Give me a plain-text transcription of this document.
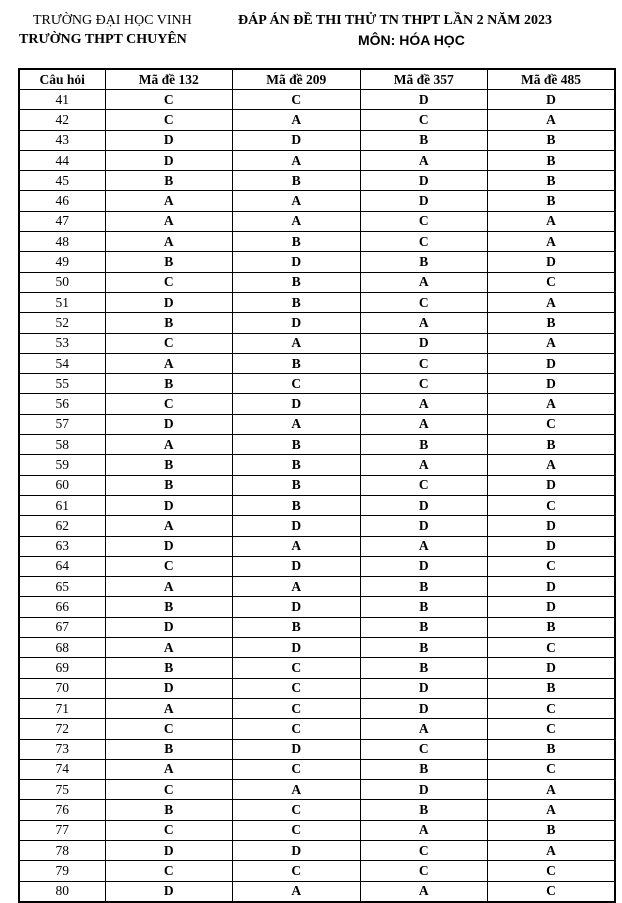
TRƯỜNG ĐẠI HỌC VINH
TRƯỜNG THPT CHUYÊN
ĐÁP ÁN ĐỀ THI THỬ TN THPT LẦN 2 NĂM 2023
MÔN: HÓA HỌC
Câu hỏi	Mã đề 132	Mã đề 209	Mã đề 357	Mã đề 485
41	C	C	D	D
42	C	A	C	A
43	D	D	B	B
44	D	A	A	B
45	B	B	D	B
46	A	A	D	B
47	A	A	C	A
48	A	B	C	A
49	B	D	B	D
50	C	B	A	C
51	D	B	C	A
52	B	D	A	B
53	C	A	D	A
54	A	B	C	D
55	B	C	C	D
56	C	D	A	A
57	D	A	A	C
58	A	B	B	B
59	B	B	A	A
60	B	B	C	D
61	D	B	D	C
62	A	D	D	D
63	D	A	A	D
64	C	D	D	C
65	A	A	B	D
66	B	D	B	D
67	D	B	B	B
68	A	D	B	C
69	B	C	B	D
70	D	C	D	B
71	A	C	D	C
72	C	C	A	C
73	B	D	C	B
74	A	C	B	C
75	C	A	D	A
76	B	C	B	A
77	C	C	A	B
78	D	D	C	A
79	C	C	C	C
80	D	A	A	C
